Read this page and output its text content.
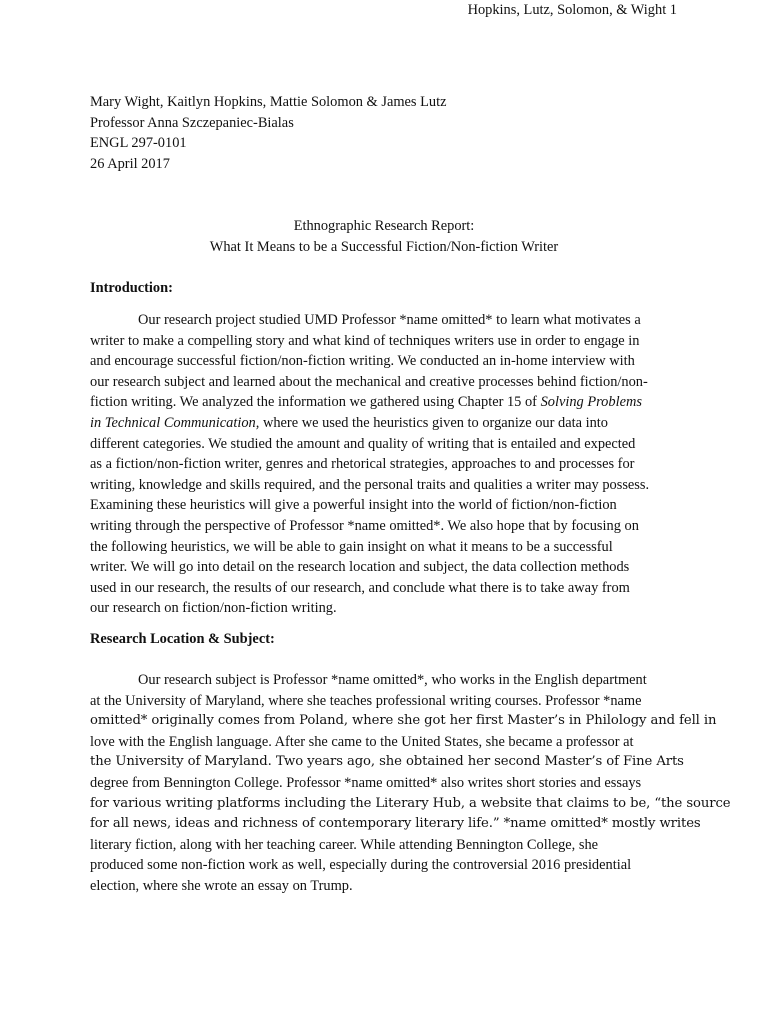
Hopkins, Lutz, Solomon, & Wight 1
Mary Wight, Kaitlyn Hopkins, Mattie Solomon & James Lutz
Professor Anna Szczepaniec-Bialas
ENGL 297-0101
26 April 2017
Ethnographic Research Report:
What It Means to be a Successful Fiction/Non-fiction Writer
Introduction:
Our research project studied UMD Professor *name omitted* to learn what motivates a
writer to make a compelling story and what kind of techniques writers use in order to engage in
and encourage successful fiction/non-fiction writing. We conducted an in-home interview with
our research subject and learned about the mechanical and creative processes behind fiction/non-
fiction writing. We analyzed the information we gathered using Chapter 15 of Solving Problems
in Technical Communication, where we used the heuristics given to organize our data into
different categories. We studied the amount and quality of writing that is entailed and expected
as a fiction/non-fiction writer, genres and rhetorical strategies, approaches to and processes for
writing, knowledge and skills required, and the personal traits and qualities a writer may possess.
Examining these heuristics will give a powerful insight into the world of fiction/non-fiction
writing through the perspective of Professor *name omitted*. We also hope that by focusing on
the following heuristics, we will be able to gain insight on what it means to be a successful
writer. We will go into detail on the research location and subject, the data collection methods
used in our research, the results of our research, and conclude what there is to take away from
our research on fiction/non-fiction writing.
Research Location & Subject:
Our research subject is Professor *name omitted*, who works in the English department
at the University of Maryland, where she teaches professional writing courses. Professor *name
omitted* originally comes from Poland, where she got her first Master’s in Philology and fell in
love with the English language. After she came to the United States, she became a professor at
the University of Maryland. Two years ago, she obtained her second Master’s of Fine Arts
degree from Bennington College. Professor *name omitted* also writes short stories and essays
for various writing platforms including the Literary Hub, a website that claims to be, “the source
for all news, ideas and richness of contemporary literary life.” *name omitted* mostly writes
literary fiction, along with her teaching career. While attending Bennington College, she
produced some non-fiction work as well, especially during the controversial 2016 presidential
election, where she wrote an essay on Trump.
